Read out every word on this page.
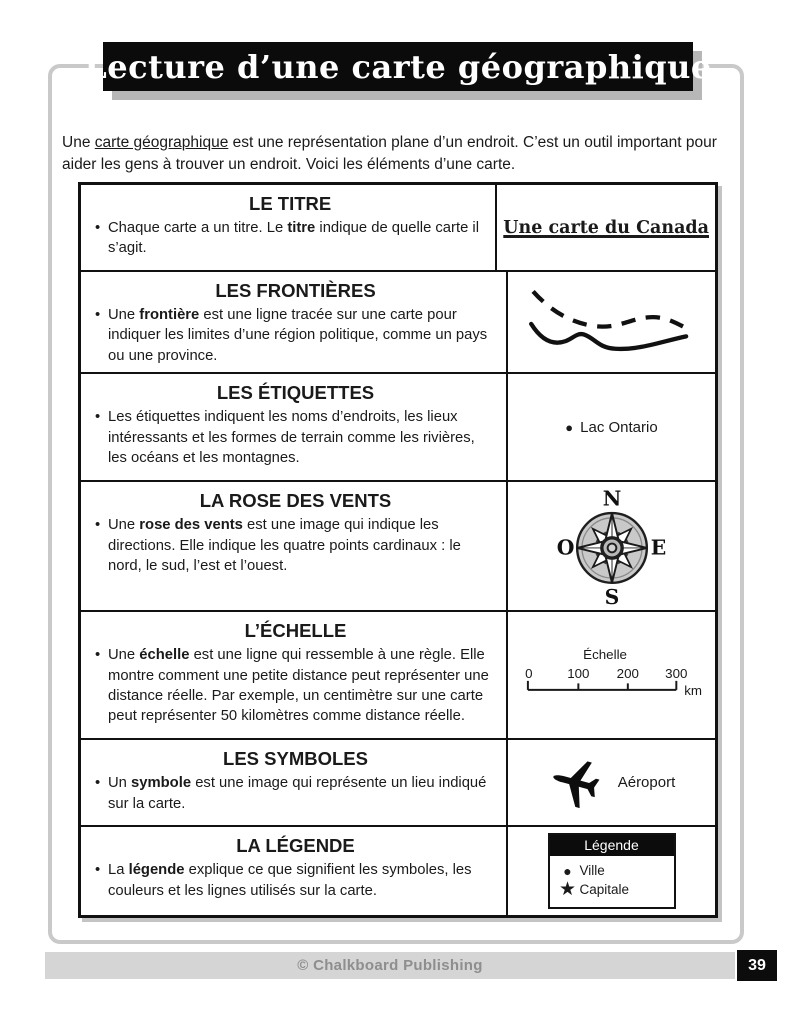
Lecture d’une carte géographique

Une carte géographique est une représentation plane d’un endroit. C’est un outil important pour aider les gens à trouver un endroit. Voici les éléments d’une carte.

LE TITRE
• Chaque carte a un titre. Le titre indique de quelle carte il s’agit.
Une carte du Canada
LES FRONTIÈRES
• Une frontière est une ligne tracée sur une carte pour indiquer les limites d’une région politique, comme un pays ou une province.
LES ÉTIQUETTES
• Les étiquettes indiquent les noms d’endroits, les lieux intéressants et les formes de terrain comme les rivières, les océans et les montagnes.
● Lac Ontario
LA ROSE DES VENTS
• Une rose des vents est une image qui indique les directions. Elle indique les quatre points cardinaux : le nord, le sud, l’est et l’ouest.
N
S
O	E
L’ÉCHELLE
• Une échelle est une ligne qui ressemble à une règle. Elle montre comment une petite distance peut représenter une distance réelle. Par exemple, un centimètre sur une carte peut représenter 50 kilomètres comme distance réelle.
Échelle
0	100 200 300
km
LES SYMBOLES
• Un symbole est une image qui représente un lieu indiqué sur la carte.
Aéroport
LA LÉGENDE
• La légende explique ce que signifient les symboles, les couleurs et les lignes utilisés sur la carte.
Légende
● Ville
★ Capitale
© Chalkboard Publishing	39
